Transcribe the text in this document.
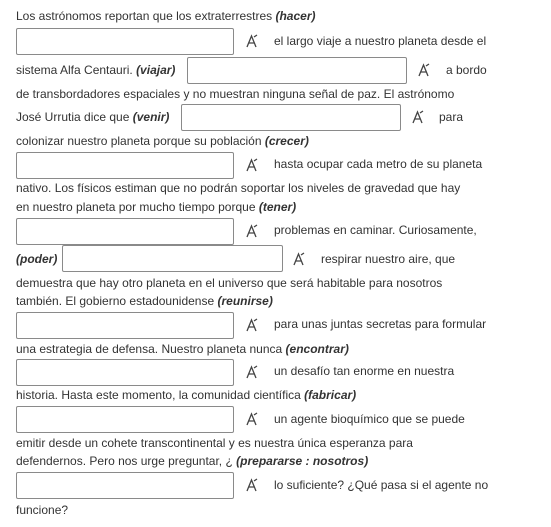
Los astrónomos reportan que los extraterrestres (hacer)
el largo viaje a nuestro planeta desde el
sistema Alfa Centauri. (viajar)	a bordo
de transbordadores espaciales y no muestran ninguna señal de paz. El astrónomo
José Urrutia dice que (venir)	para
colonizar nuestro planeta porque su población (crecer)
hasta ocupar cada metro de su planeta
nativo. Los físicos estiman que no podrán soportar los niveles de gravedad que hay
en nuestro planeta por mucho tiempo porque (tener)
problemas en caminar. Curiosamente,
(poder)	respirar nuestro aire, que
demuestra que hay otro planeta en el universo que será habitable para nosotros
también. El gobierno estadounidense (reunirse)
para unas juntas secretas para formular
una estrategia de defensa. Nuestro planeta nunca (encontrar)
un desafío tan enorme en nuestra
historia. Hasta este momento, la comunidad científica (fabricar)
un agente bioquímico que se puede
emitir desde un cohete transcontinental y es nuestra única esperanza para
defendernos. Pero nos urge preguntar, ¿ (prepararse : nosotros)
lo suficiente? ¿Qué pasa si el agente no
funcione?
